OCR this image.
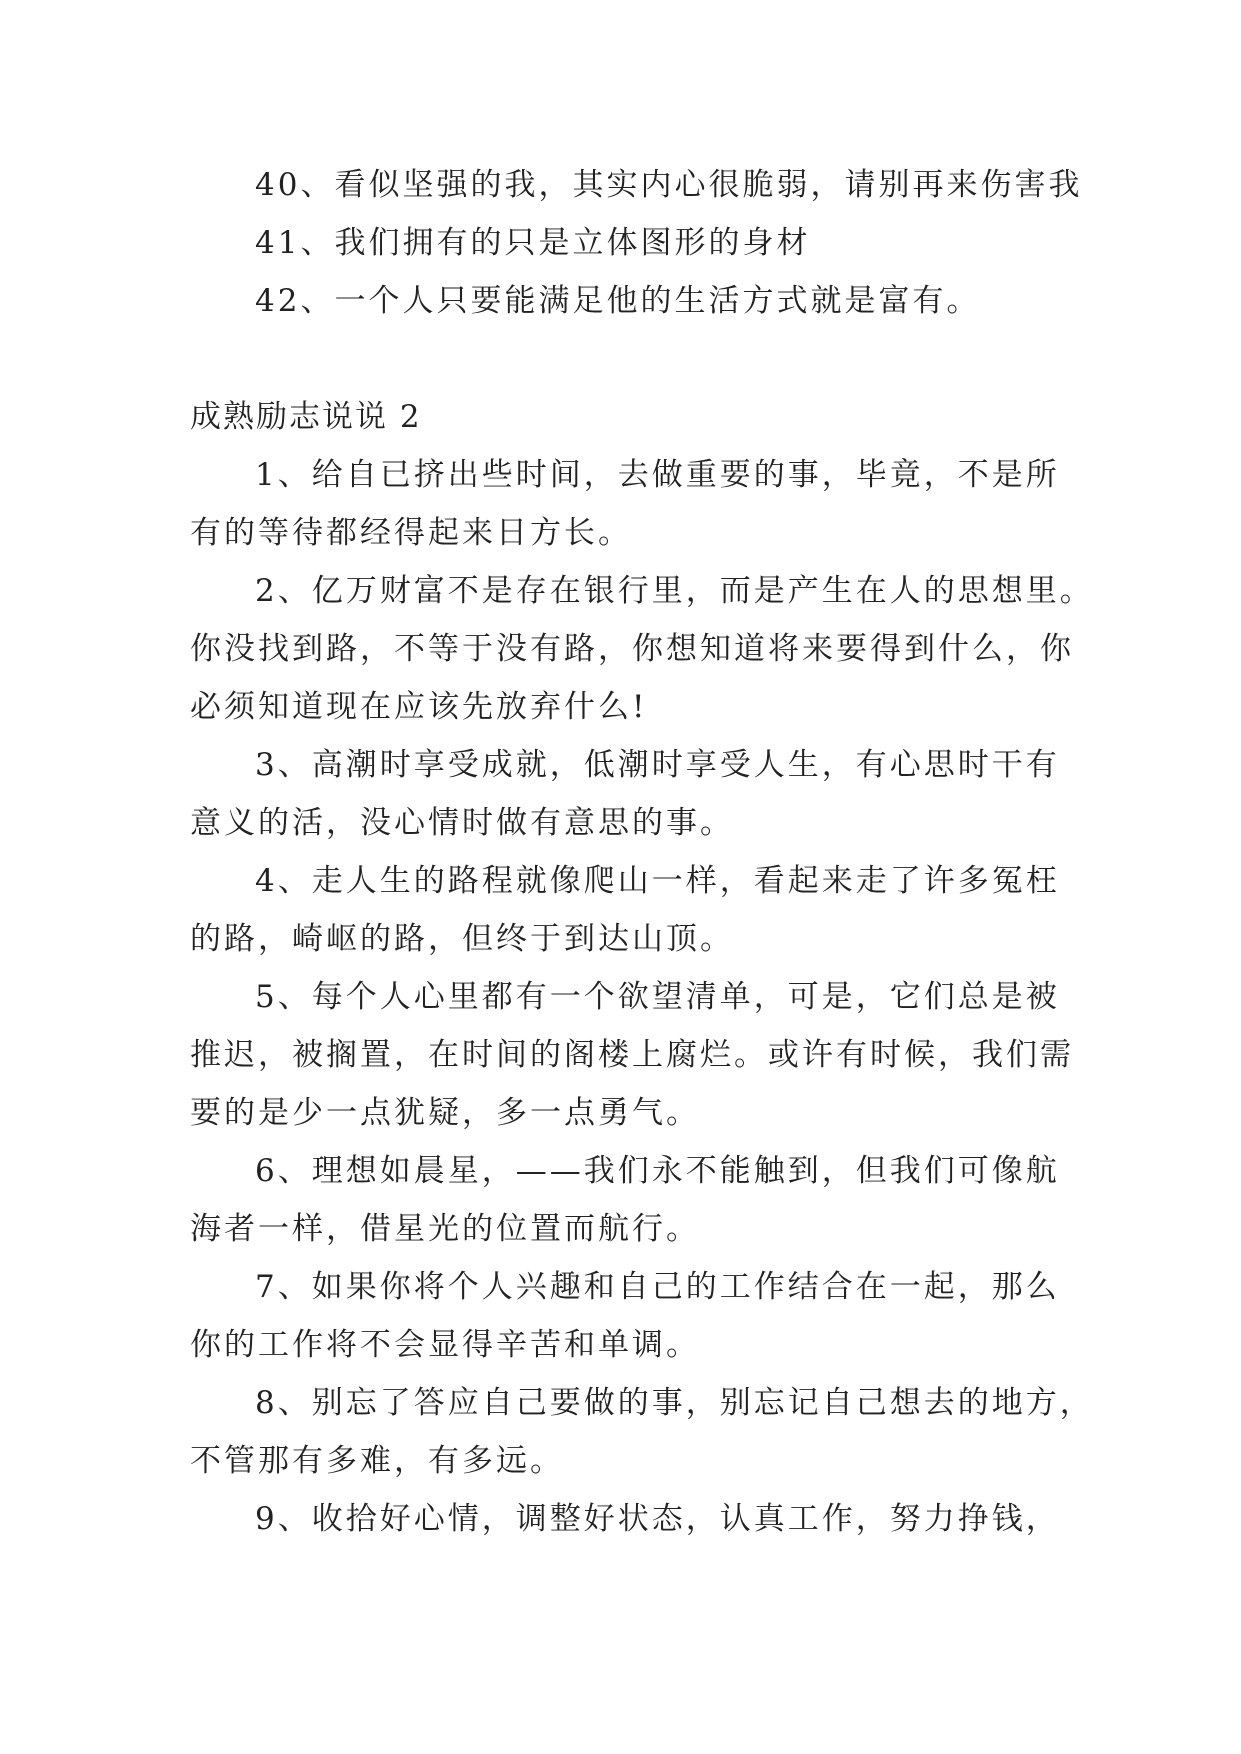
40、看似坚强的我，其实内心很脆弱，请别再来伤害我
41、我们拥有的只是立体图形的身材
42、一个人只要能满足他的生活方式就是富有。
成熟励志说说 2
1、给自已挤出些时间，去做重要的事，毕竟，不是所
有的等待都经得起来日方长。
2、亿万财富不是存在银行里，而是产生在人的思想里。
你没找到路，不等于没有路，你想知道将来要得到什么，你
必须知道现在应该先放弃什么!
3、高潮时享受成就，低潮时享受人生，有心思时干有
意义的活，没心情时做有意思的事。
4、走人生的路程就像爬山一样，看起来走了许多冤枉
的路，崎岖的路，但终于到达山顶。
5、每个人心里都有一个欲望清单，可是，它们总是被
推迟，被搁置，在时间的阁楼上腐烂。或许有时候，我们需
要的是少一点犹疑，多一点勇气。
6、理想如晨星，——我们永不能触到，但我们可像航
海者一样，借星光的位置而航行。
7、如果你将个人兴趣和自己的工作结合在一起，那么
你的工作将不会显得辛苦和单调。
8、别忘了答应自己要做的事，别忘记自己想去的地方，
不管那有多难，有多远。
9、收拾好心情，调整好状态，认真工作，努力挣钱，
